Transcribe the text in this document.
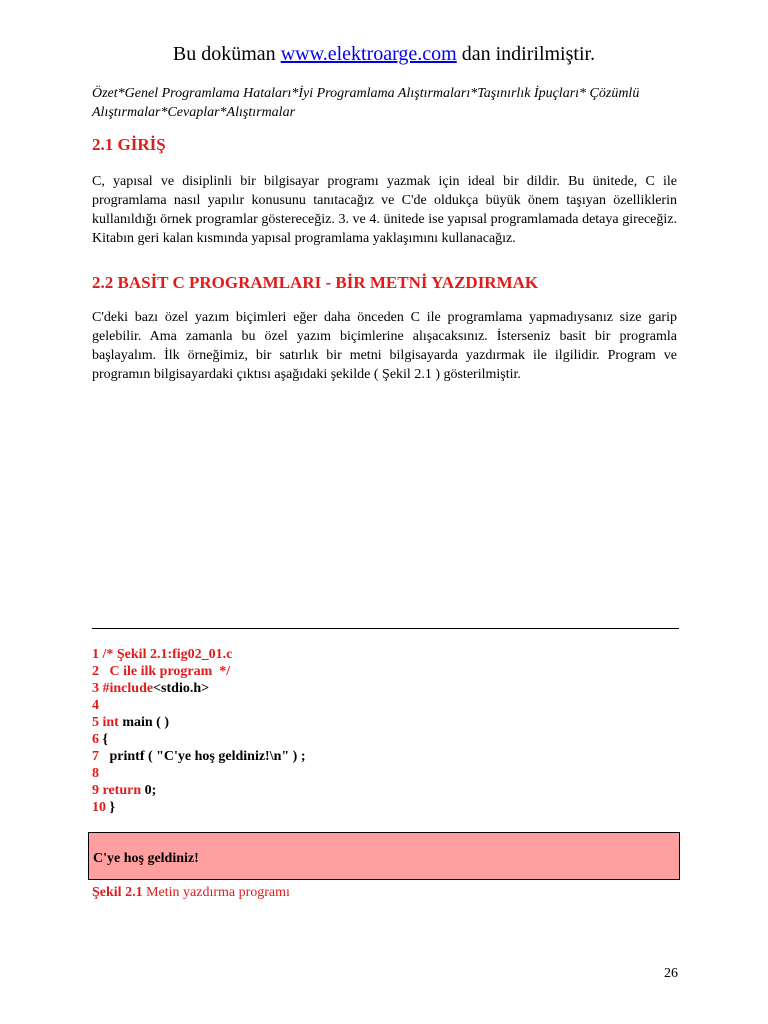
Bu doküman www.elektroarge.com dan indirilmiştir.
Özet*Genel Programlama Hataları*İyi Programlama Alıştırmaları*Taşınırlık İpuçları* Çözümlü Alıştırmalar*Cevaplar*Alıştırmalar
2.1 GİRİŞ
C, yapısal ve disiplinli bir bilgisayar programı yazmak için ideal bir dildir. Bu ünitede, C ile programlama nasıl yapılır konusunu tanıtacağız ve C'de oldukça büyük önem taşıyan özelliklerin kullanıldığı örnek programlar göstereceğiz. 3. ve 4. ünitede ise yapısal programlamada detaya gireceğiz. Kitabın geri kalan kısmında yapısal programlama yaklaşımını kullanacağız.
2.2 BASİT C PROGRAMLARI - BİR METNİ YAZDIRMAK
C'deki bazı özel yazım biçimleri eğer daha önceden C ile programlama yapmadıysanız size garip gelebilir. Ama zamanla bu özel yazım biçimlerine alışacaksınız. İsterseniz basit bir programla başlayalım. İlk örneğimiz, bir satırlık bir metni bilgisayarda yazdırmak ile ilgilidir. Program ve programın bilgisayardaki çıktısı aşağıdaki şekilde ( Şekil 2.1 ) gösterilmiştir.
1 /* Şekil 2.1:fig02_01.c
2   C ile ilk program  */
3 #include<stdio.h>
4
5 int main ( )
6 {
7   printf ( "C'ye hoş geldiniz!\n" ) ;
8
9 return 0;
10 }
C'ye hoş geldiniz!
Şekil 2.1 Metin yazdırma programı
26
